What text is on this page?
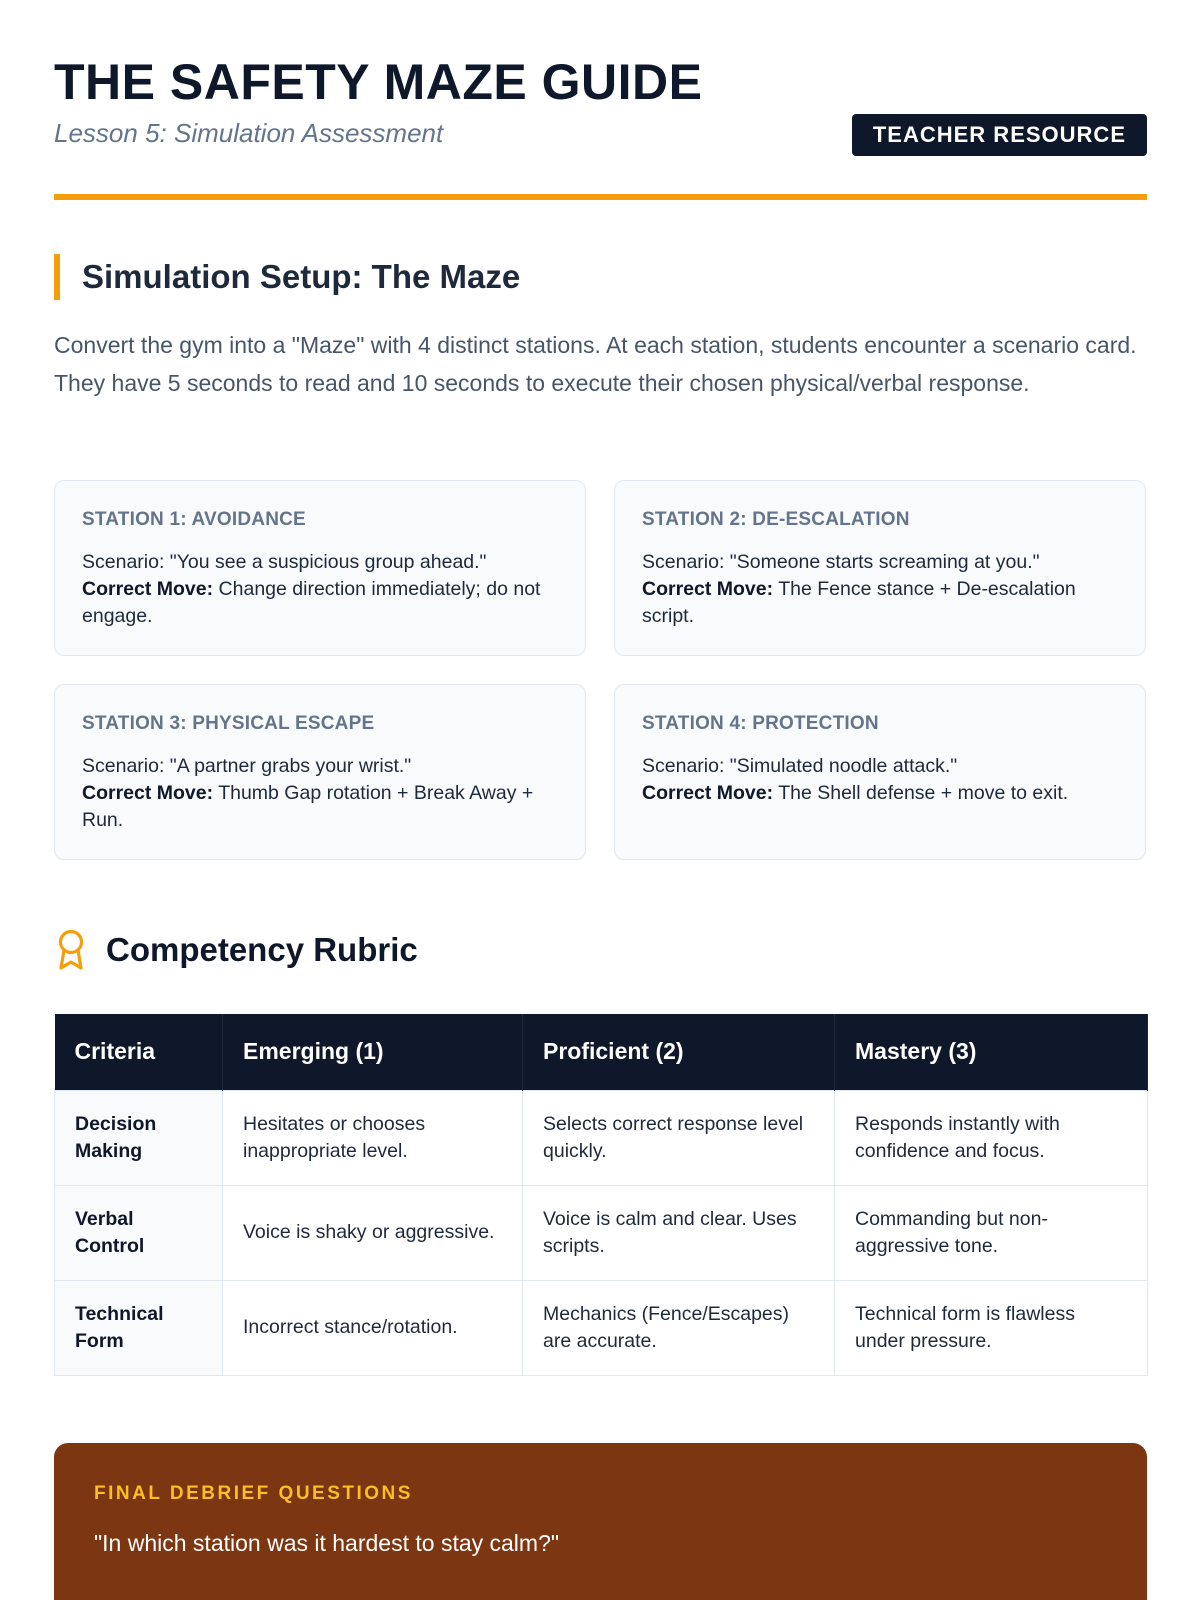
THE SAFETY MAZE GUIDE
Lesson 5: Simulation Assessment	TEACHER RESOURCE
Simulation Setup: The Maze

Convert the gym into a "Maze" with 4 distinct stations. At each station, students encounter a scenario card. They have 5 seconds to read and 10 seconds to execute their chosen physical/verbal response.

STATION 1: AVOIDANCE
Scenario: "You see a suspicious group ahead."
Correct Move: Change direction immediately; do not engage.
STATION 2: DE-ESCALATION
Scenario: "Someone starts screaming at you."
Correct Move: The Fence stance + De-escalation script.
STATION 3: PHYSICAL ESCAPE
Scenario: "A partner grabs your wrist."
Correct Move: Thumb Gap rotation + Break Away + Run.
STATION 4: PROTECTION
Scenario: "Simulated noodle attack."
Correct Move: The Shell defense + move to exit.
Competency Rubric
Criteria	Emerging (1)	Proficient (2)	Mastery (3)
Decision Making	Hesitates or chooses inappropriate level.	Selects correct response level quickly.	Responds instantly with confidence and focus.
Verbal Control	Voice is shaky or aggressive.	Voice is calm and clear. Uses scripts.	Commanding but non-aggressive tone.
Technical Form	Incorrect stance/rotation.	Mechanics (Fence/Escapes) are accurate.	Technical form is flawless under pressure.
FINAL DEBRIEF QUESTIONS
"In which station was it hardest to stay calm?"
